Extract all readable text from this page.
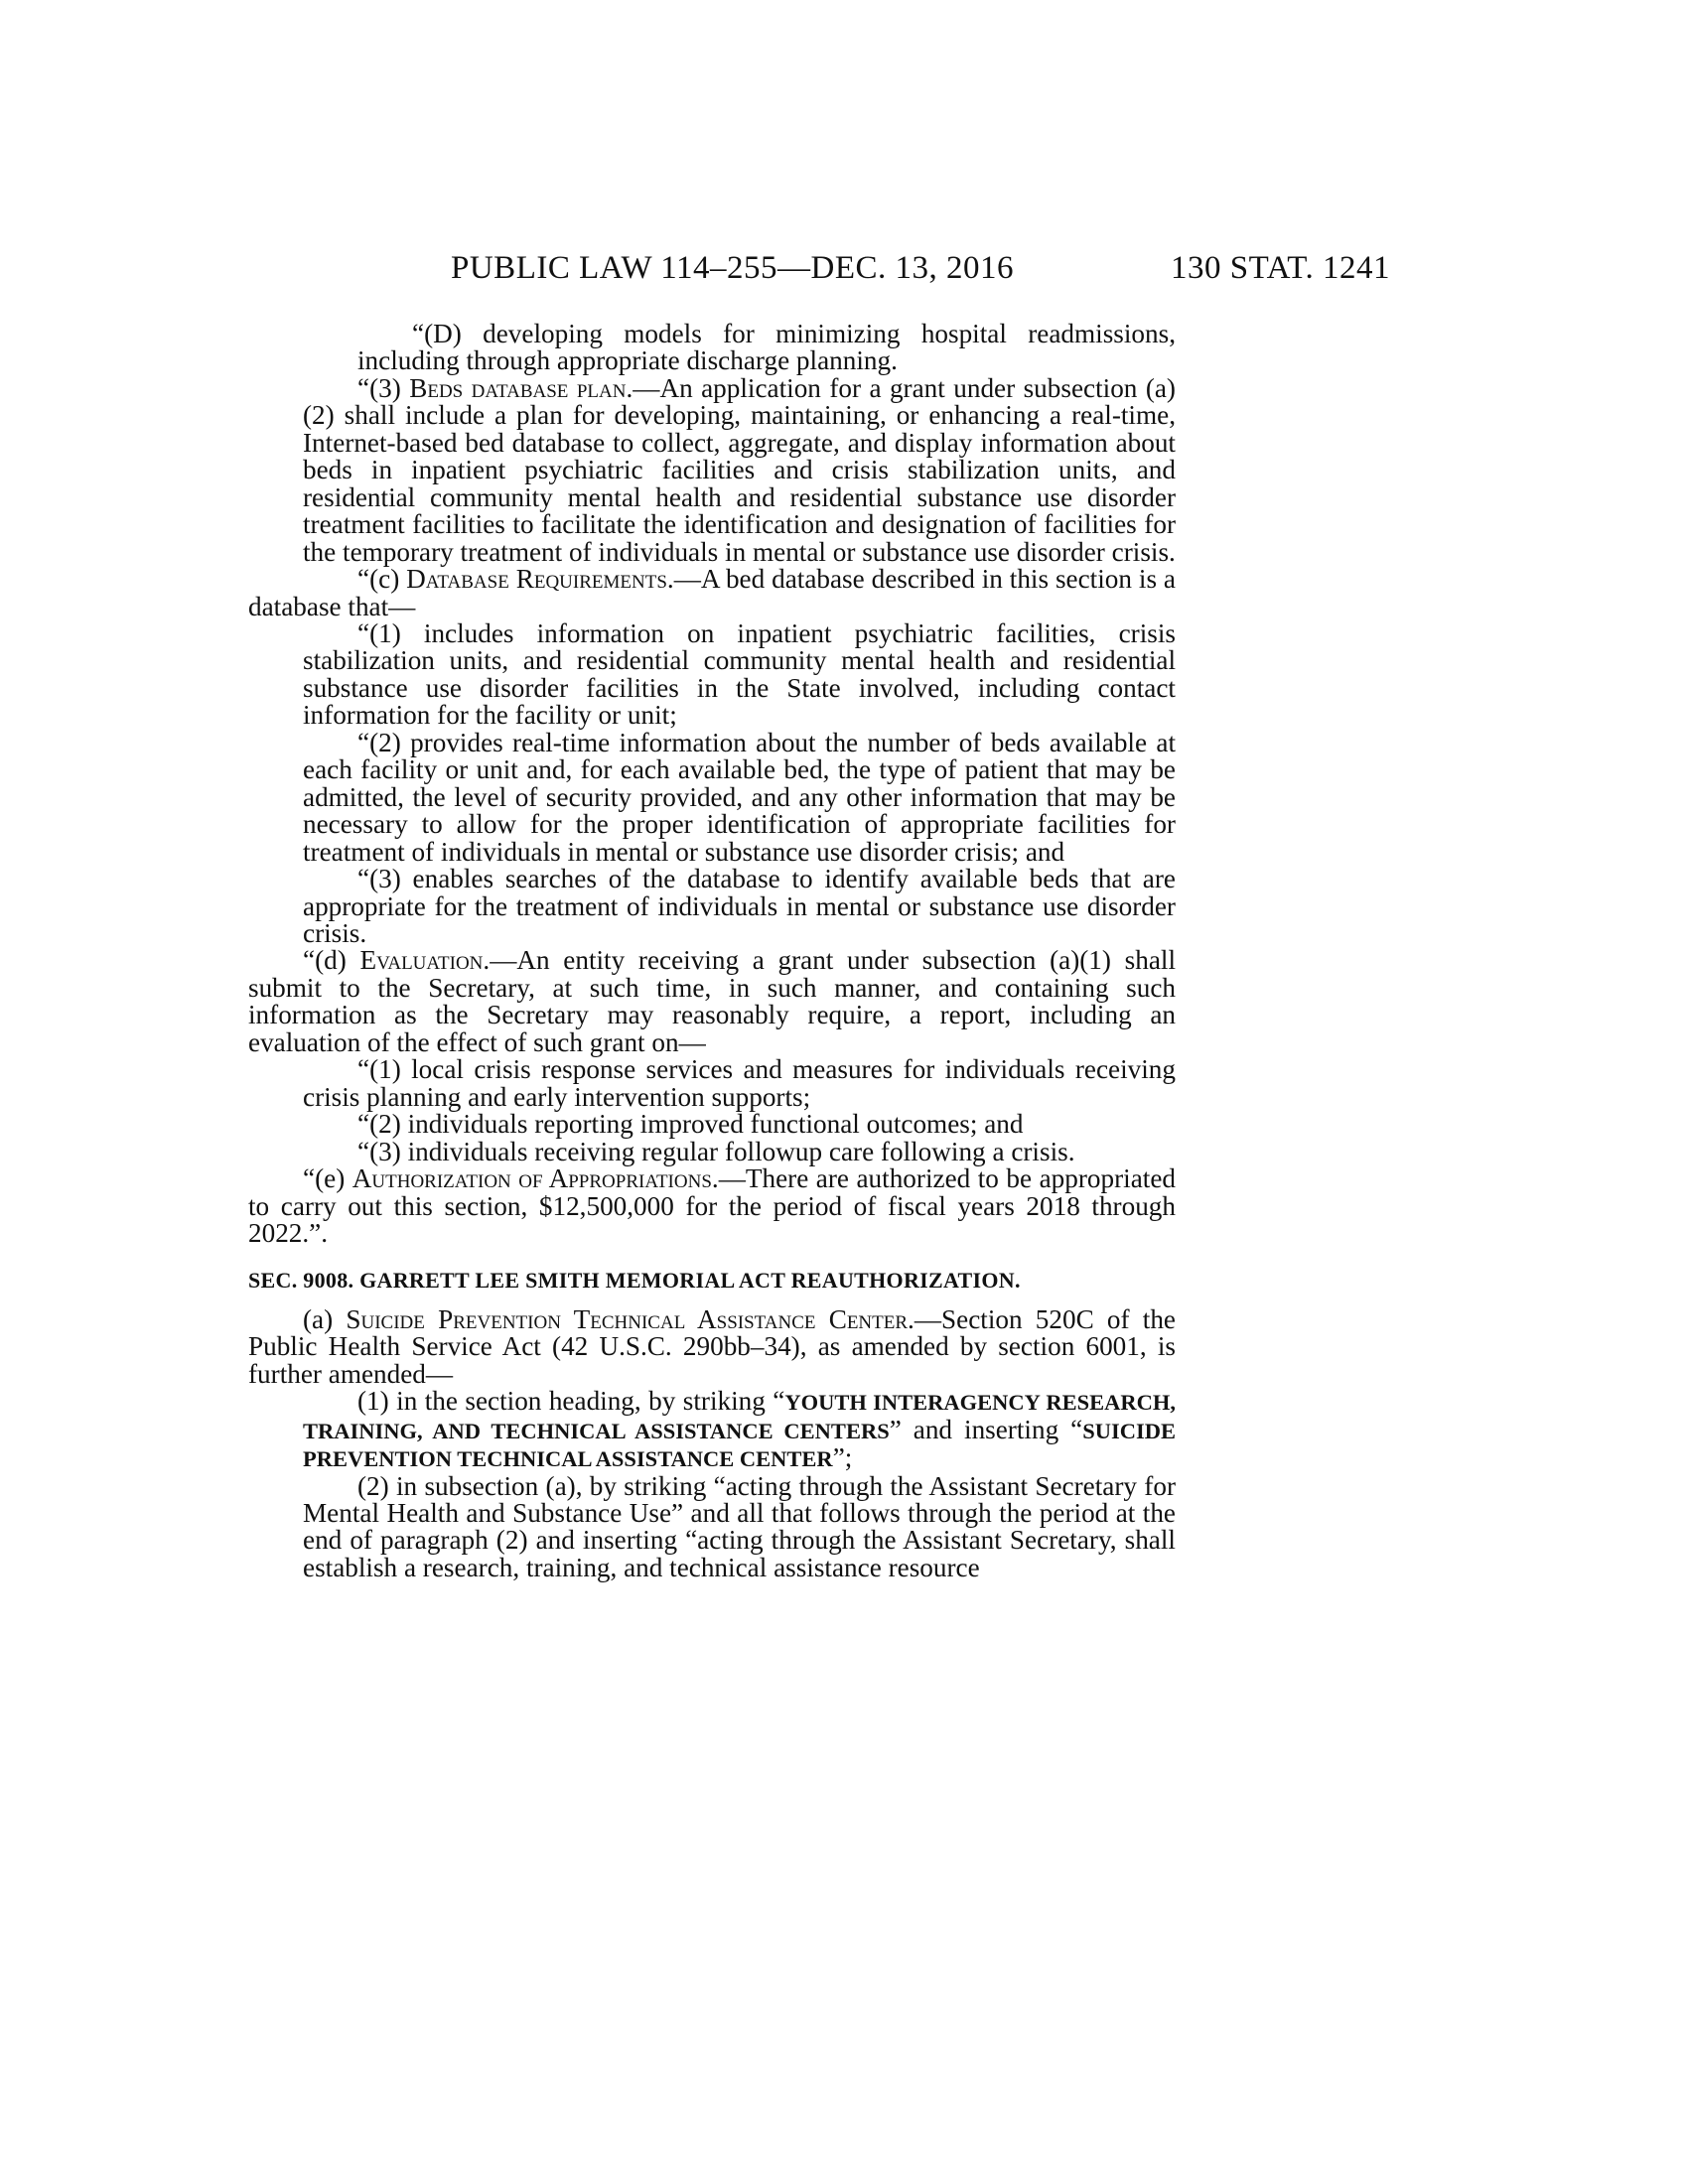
PUBLIC LAW 114–255—DEC. 13, 2016	130 STAT. 1241

“(D) developing models for minimizing hospital readmissions, including through appropriate discharge planning.

“(3) Beds database plan.—An application for a grant under subsection (a)(2) shall include a plan for developing, maintaining, or enhancing a real-time, Internet-based bed database to collect, aggregate, and display information about beds in inpatient psychiatric facilities and crisis stabilization units, and residential community mental health and residential substance use disorder treatment facilities to facilitate the identification and designation of facilities for the temporary treatment of individuals in mental or substance use disorder crisis.

“(c) Database Requirements.—A bed database described in this section is a database that—

“(1) includes information on inpatient psychiatric facilities, crisis stabilization units, and residential community mental health and residential substance use disorder facilities in the State involved, including contact information for the facility or unit;

“(2) provides real-time information about the number of beds available at each facility or unit and, for each available bed, the type of patient that may be admitted, the level of security provided, and any other information that may be necessary to allow for the proper identification of appropriate facilities for treatment of individuals in mental or substance use disorder crisis; and

“(3) enables searches of the database to identify available beds that are appropriate for the treatment of individuals in mental or substance use disorder crisis.

“(d) Evaluation.—An entity receiving a grant under subsection (a)(1) shall submit to the Secretary, at such time, in such manner, and containing such information as the Secretary may reasonably require, a report, including an evaluation of the effect of such grant on—

“(1) local crisis response services and measures for individuals receiving crisis planning and early intervention supports;

“(2) individuals reporting improved functional outcomes; and

“(3) individuals receiving regular followup care following a crisis.

“(e) Authorization of Appropriations.—There are authorized to be appropriated to carry out this section, $12,500,000 for the period of fiscal years 2018 through 2022.”.

SEC. 9008. GARRETT LEE SMITH MEMORIAL ACT REAUTHORIZATION.

(a) Suicide Prevention Technical Assistance Center.—Section 520C of the Public Health Service Act (42 U.S.C. 290bb–34), as amended by section 6001, is further amended—

(1) in the section heading, by striking “YOUTH INTERAGENCY RESEARCH, TRAINING, AND TECHNICAL ASSISTANCE CENTERS” and inserting “SUICIDE PREVENTION TECHNICAL ASSISTANCE CENTER”;

(2) in subsection (a), by striking “acting through the Assistant Secretary for Mental Health and Substance Use” and all that follows through the period at the end of paragraph (2) and inserting “acting through the Assistant Secretary, shall establish a research, training, and technical assistance resource
